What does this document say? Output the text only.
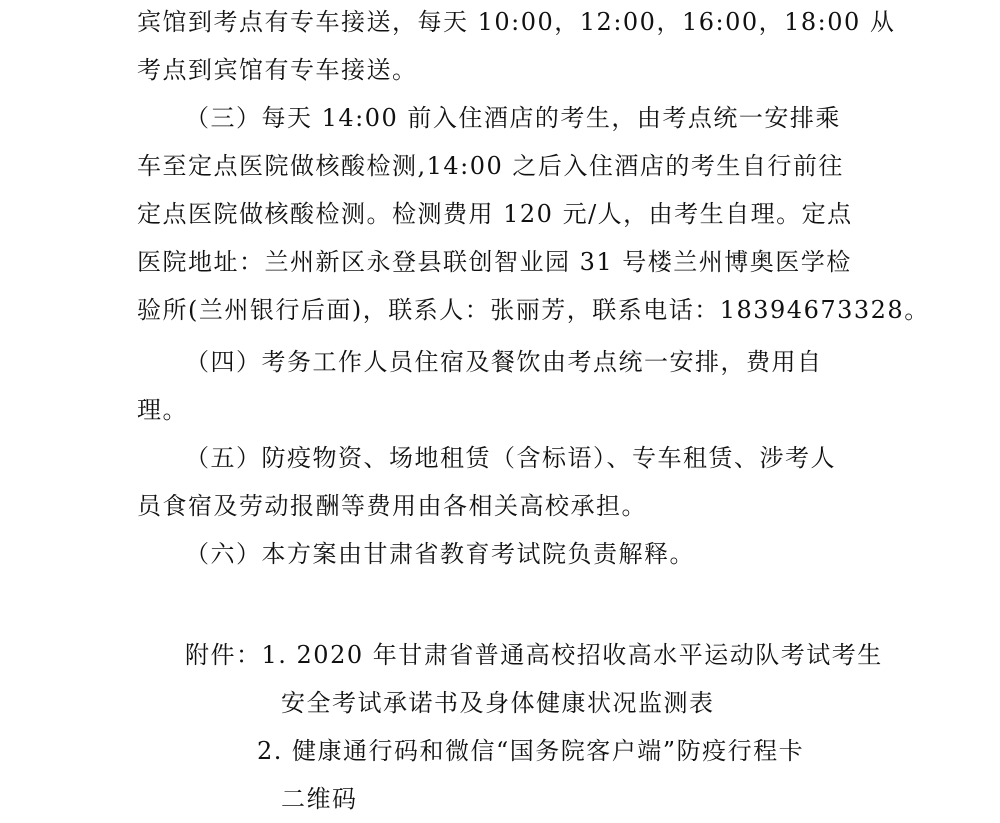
宾馆到考点有专车接送，每天 10:00，12:00，16:00，18:00 从
考点到宾馆有专车接送。
（三）每天 14:00 前入住酒店的考生，由考点统一安排乘
车至定点医院做核酸检测,14:00 之后入住酒店的考生自行前往
定点医院做核酸检测。检测费用 120 元/人，由考生自理。定点
医院地址：兰州新区永登县联创智业园 31 号楼兰州博奥医学检
验所(兰州银行后面)，联系人：张丽芳，联系电话：18394673328。
（四）考务工作人员住宿及餐饮由考点统一安排，费用自
理。
（五）防疫物资、场地租赁（含标语）、专车租赁、涉考人
员食宿及劳动报酬等费用由各相关高校承担。
（六）本方案由甘肃省教育考试院负责解释。
附件：1. 2020 年甘肃省普通高校招收高水平运动队考试考生
安全考试承诺书及身体健康状况监测表
2. 健康通行码和微信“国务院客户端”防疫行程卡
二维码
